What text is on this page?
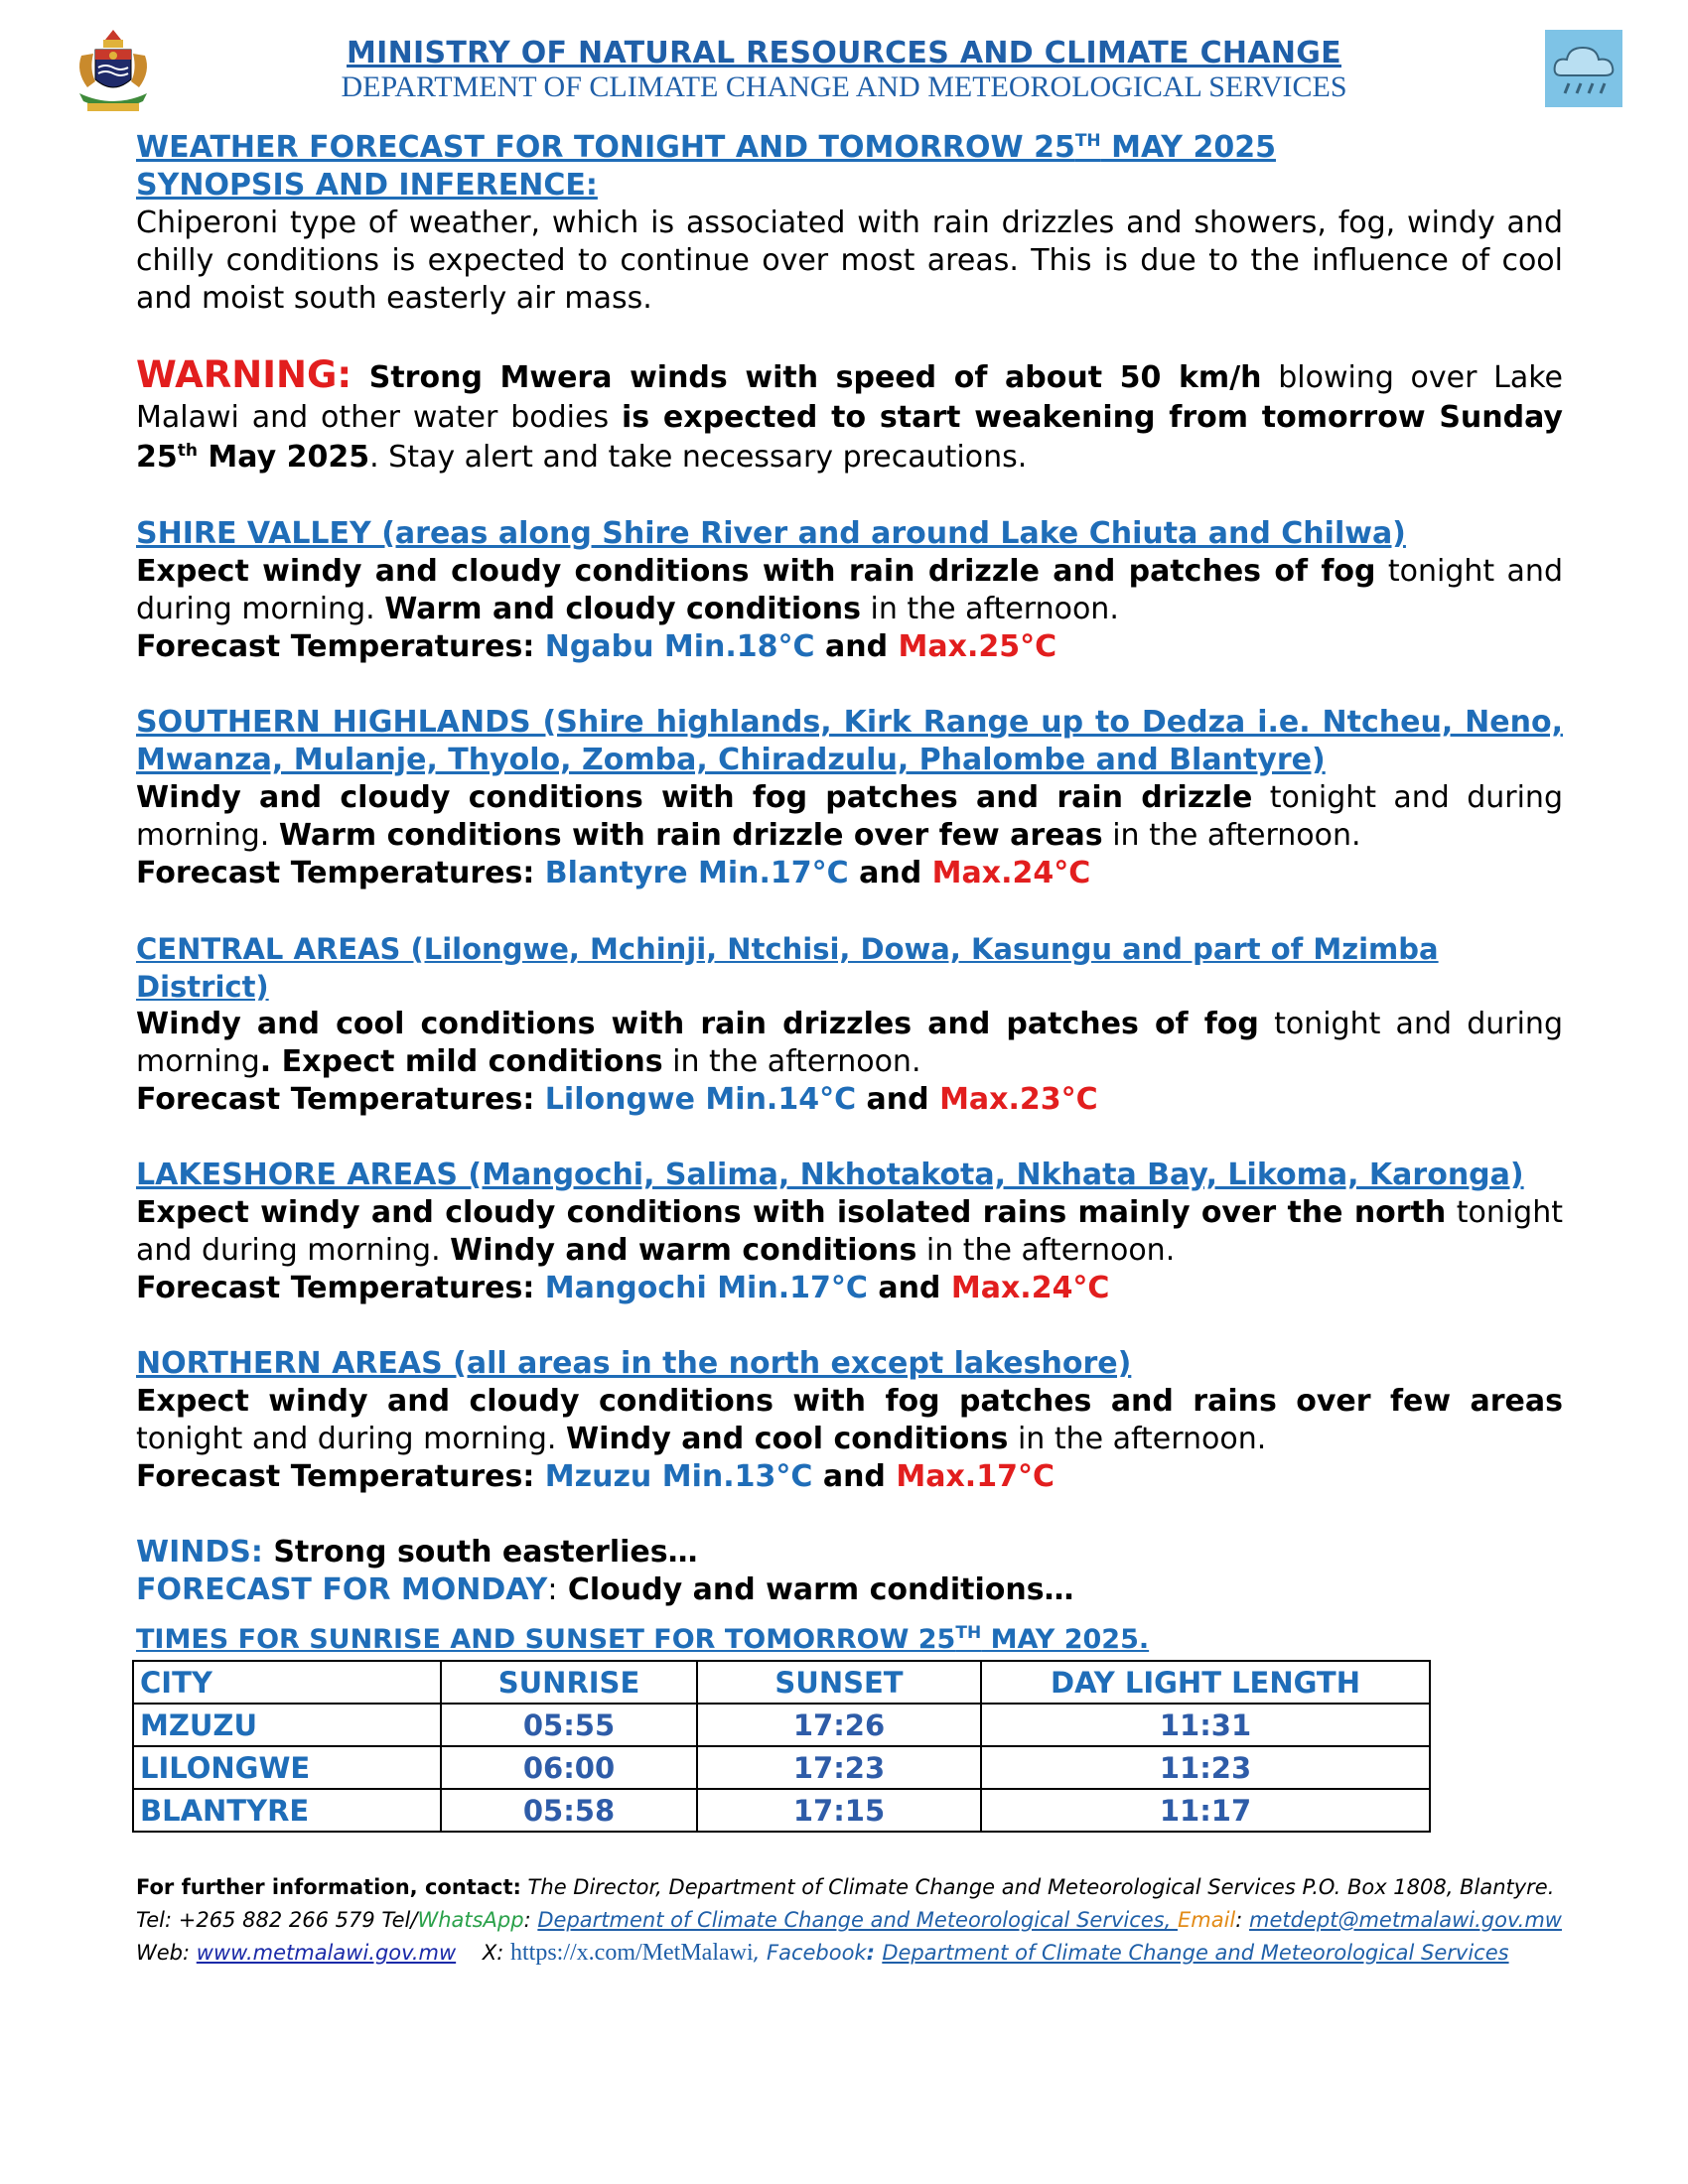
MINISTRY OF NATURAL RESOURCES AND CLIMATE CHANGE
DEPARTMENT OF CLIMATE CHANGE AND METEOROLOGICAL SERVICES

WEATHER FORECAST FOR TONIGHT AND TOMORROW 25TH MAY 2025

SYNOPSIS AND INFERENCE:

Chiperoni type of weather, which is associated with rain drizzles and showers, fog, windy and chilly conditions is expected to continue over most areas. This is due to the influence of cool and moist south easterly air mass.

WARNING: Strong Mwera winds with speed of about 50 km/h blowing over Lake Malawi and other water bodies is expected to start weakening from tomorrow Sunday 25th May 2025. Stay alert and take necessary precautions.

SHIRE VALLEY (areas along Shire River and around Lake Chiuta and Chilwa)

Expect windy and cloudy conditions with rain drizzle and patches of fog tonight and during morning. Warm and cloudy conditions in the afternoon.

Forecast Temperatures: Ngabu Min.18°C and Max.25°C

SOUTHERN HIGHLANDS (Shire highlands, Kirk Range up to Dedza i.e. Ntcheu, Neno, Mwanza, Mulanje, Thyolo, Zomba, Chiradzulu, Phalombe and Blantyre)

Windy and cloudy conditions with fog patches and rain drizzle tonight and during morning. Warm conditions with rain drizzle over few areas in the afternoon.

Forecast Temperatures: Blantyre Min.17°C and Max.24°C

CENTRAL AREAS (Lilongwe, Mchinji, Ntchisi, Dowa, Kasungu and part of Mzimba District)

Windy and cool conditions with rain drizzles and patches of fog tonight and during morning. Expect mild conditions in the afternoon.

Forecast Temperatures: Lilongwe Min.14°C and Max.23°C

LAKESHORE AREAS (Mangochi, Salima, Nkhotakota, Nkhata Bay, Likoma, Karonga)

Expect windy and cloudy conditions with isolated rains mainly over the north tonight and during morning. Windy and warm conditions in the afternoon.

Forecast Temperatures: Mangochi Min.17°C and Max.24°C

NORTHERN AREAS (all areas in the north except lakeshore)

Expect windy and cloudy conditions with fog patches and rains over few areas tonight and during morning. Windy and cool conditions in the afternoon.

Forecast Temperatures: Mzuzu Min.13°C and Max.17°C

WINDS: Strong south easterlies…

FORECAST FOR MONDAY: Cloudy and warm conditions…

TIMES FOR SUNRISE AND SUNSET FOR TOMORROW 25TH MAY 2025.
CITY	SUNRISE	SUNSET	DAY LIGHT LENGTH
MZUZU	05:55	17:26	11:31
LILONGWE	06:00	17:23	11:23
BLANTYRE	05:58	17:15	11:17
For further information, contact: The Director, Department of Climate Change and Meteorological Services P.O. Box 1808, Blantyre. Tel: +265 882 266 579 Tel/WhatsApp: Department of Climate Change and Meteorological Services, Email: metdept@metmalawi.gov.mw Web: www.metmalawi.gov.mw    X: https://x.com/MetMalawi, Facebook: Department of Climate Change and Meteorological Services
